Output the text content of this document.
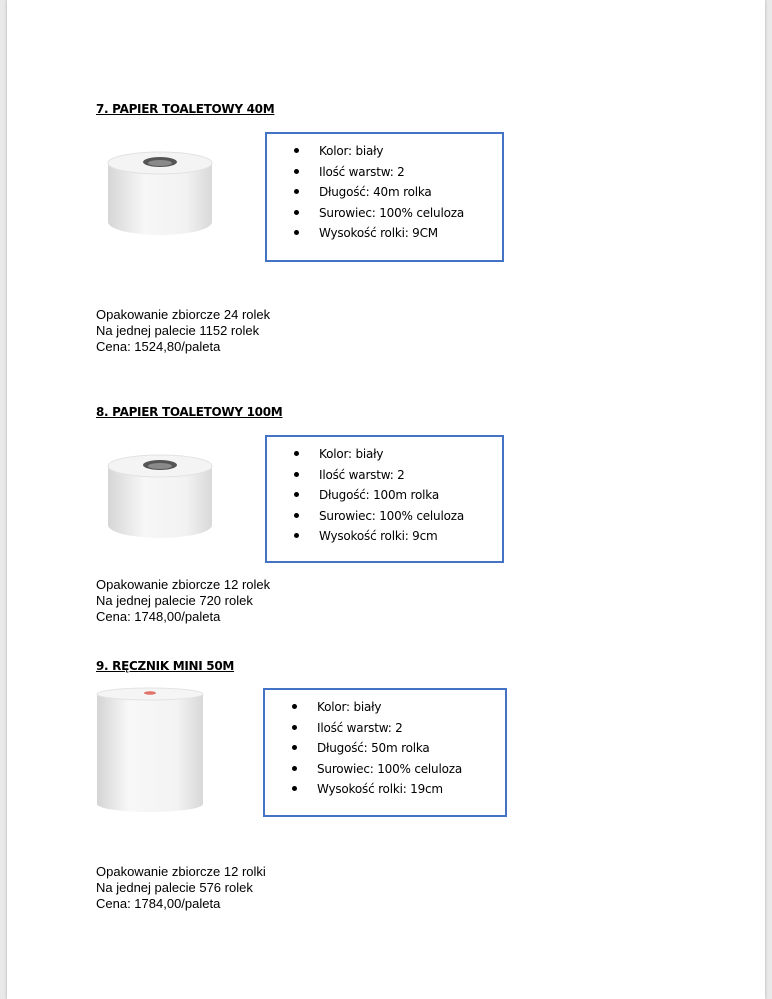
7. PAPIER TOALETOWY 40M
Kolor: biały
Ilość warstw: 2
Długość: 40m rolka
Surowiec: 100% celuloza
Wysokość rolki: 9CM
Opakowanie zbiorcze 24 rolek
Na jednej palecie 1152 rolek
Cena: 1524,80/paleta
8. PAPIER TOALETOWY 100M
Kolor: biały
Ilość warstw: 2
Długość: 100m rolka
Surowiec: 100% celuloza
Wysokość rolki: 9cm
Opakowanie zbiorcze 12 rolek
Na jednej palecie 720 rolek
Cena: 1748,00/paleta
9. RĘCZNIK MINI 50M
Kolor: biały
Ilość warstw: 2
Długość: 50m rolka
Surowiec: 100% celuloza
Wysokość rolki: 19cm
Opakowanie zbiorcze 12 rolki
Na jednej palecie 576 rolek
Cena: 1784,00/paleta
